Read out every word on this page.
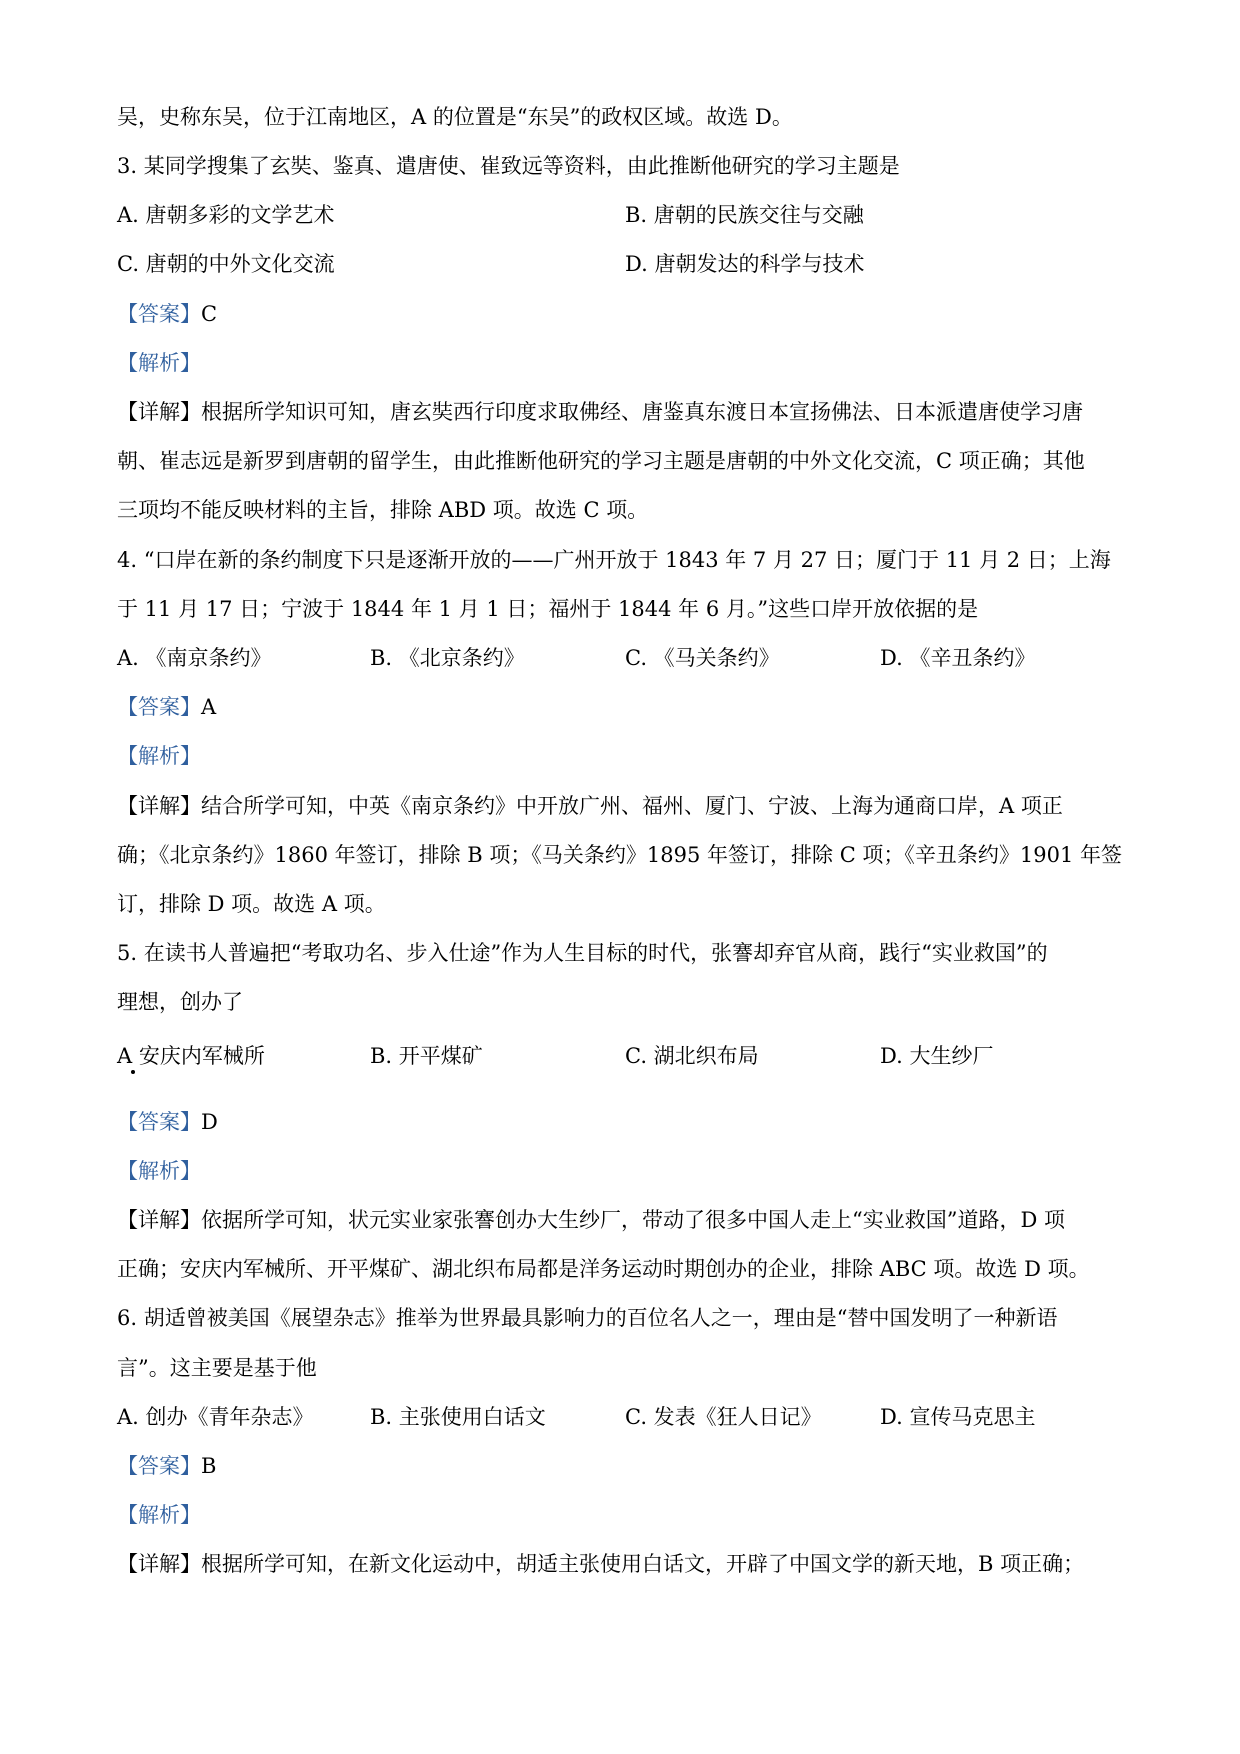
吴，史称东吴，位于江南地区，A 的位置是“东吴”的政权区域。故选 D。
3. 某同学搜集了玄奘、鉴真、遣唐使、崔致远等资料，由此推断他研究的学习主题是
A. 唐朝多彩的文学艺术	B. 唐朝的民族交往与交融
C. 唐朝的中外文化交流	D. 唐朝发达的科学与技术
【答案】C
【解析】
【详解】根据所学知识可知，唐玄奘西行印度求取佛经、唐鉴真东渡日本宣扬佛法、日本派遣唐使学习唐
朝、崔志远是新罗到唐朝的留学生，由此推断他研究的学习主题是唐朝的中外文化交流，C 项正确；其他
三项均不能反映材料的主旨，排除 ABD 项。故选 C 项。
4. “口岸在新的条约制度下只是逐渐开放的——广州开放于 1843 年 7 月 27 日；厦门于 11 月 2 日；上海
于 11 月 17 日；宁波于 1844 年 1 月 1 日；福州于 1844 年 6 月。”这些口岸开放依据的是
A. 《南京条约》	B. 《北京条约》	C. 《马关条约》	D. 《辛丑条约》
【答案】A
【解析】
【详解】结合所学可知，中英《南京条约》中开放广州、福州、厦门、宁波、上海为通商口岸，A 项正
确；《北京条约》1860 年签订，排除 B 项；《马关条约》1895 年签订，排除 C 项；《辛丑条约》1901 年签
订，排除 D 项。故选 A 项。
5. 在读书人普遍把“考取功名、步入仕途”作为人生目标的时代，张謇却弃官从商，践行“实业救国”的
理想，创办了
A 安庆内军械所	B. 开平煤矿	C. 湖北织布局	D. 大生纱厂
【答案】D
【解析】
【详解】依据所学可知，状元实业家张謇创办大生纱厂，带动了很多中国人走上“实业救国”道路，D 项
正确；安庆内军械所、开平煤矿、湖北织布局都是洋务运动时期创办的企业，排除 ABC 项。故选 D 项。
6. 胡适曾被美国《展望杂志》推举为世界最具影响力的百位名人之一，理由是“替中国发明了一种新语
言”。这主要是基于他
A. 创办《青年杂志》	B. 主张使用白话文	C. 发表《狂人日记》	D. 宣传马克思主
【答案】B
【解析】
【详解】根据所学可知，在新文化运动中，胡适主张使用白话文，开辟了中国文学的新天地，B 项正确；
